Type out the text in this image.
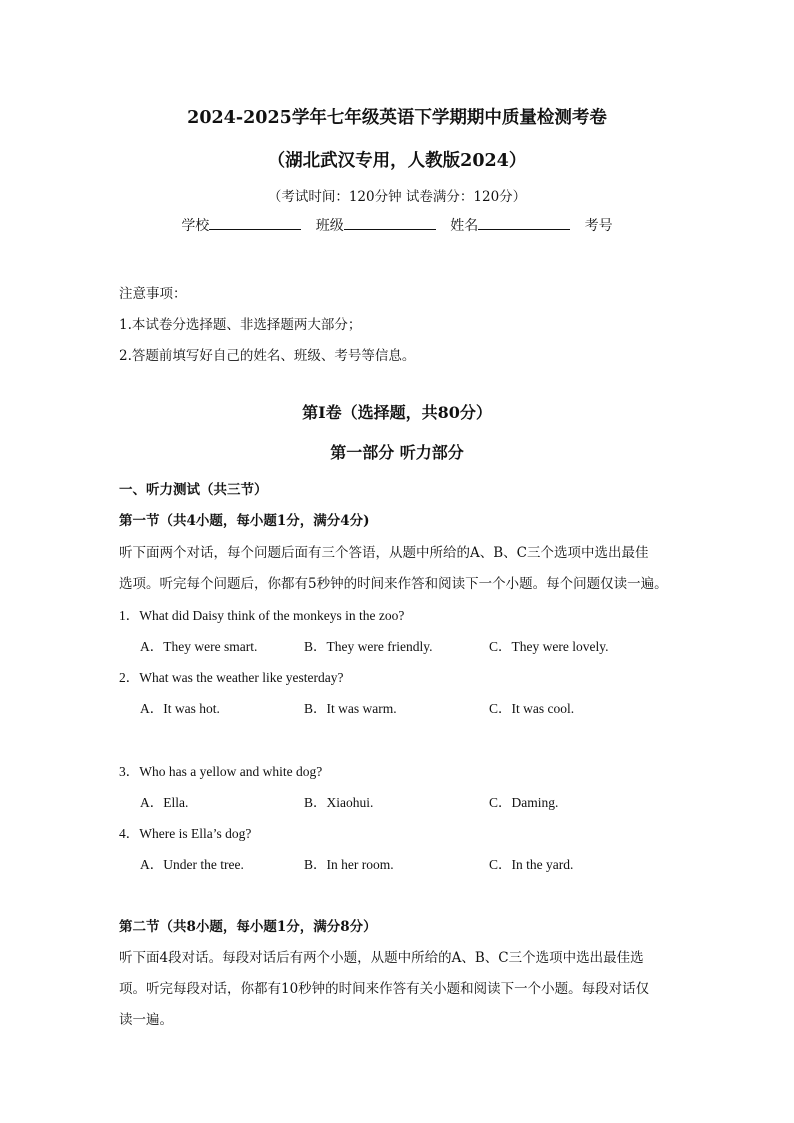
2024-2025学年七年级英语下学期期中质量检测考卷
（湖北武汉专用，人教版2024）
（考试时间：120分钟 试卷满分：120分）
学校	班级	姓名	考号
注意事项：
1.本试卷分选择题、非选择题两大部分；
2.答题前填写好自己的姓名、班级、考号等信息。
第Ⅰ卷（选择题，共80分）
第一部分 听力部分
一、听力测试（共三节）
第一节（共4小题，每小题1分，满分4分)
听下面两个对话，每个问题后面有三个答语，从题中所给的A、B、C三个选项中选出最佳
选项。听完每个问题后，你都有5秒钟的时间来作答和阅读下一个小题。每个问题仅读一遍。
1．What did Daisy think of the monkeys in the zoo?
A．They were smart.	B．They were friendly.	C．They were lovely.
2．What was the weather like yesterday?
A．It was hot.	B．It was warm.	C．It was cool.
3．Who has a yellow and white dog?
A．Ella.	B．Xiaohui.	C．Daming.
4．Where is Ella’s dog?
A．Under the tree.	B．In her room.	C．In the yard.
第二节（共8小题，每小题1分，满分8分）
听下面4段对话。每段对话后有两个小题，从题中所给的A、B、C三个选项中选出最佳选
项。听完每段对话，你都有10秒钟的时间来作答有关小题和阅读下一个小题。每段对话仅
读一遍。
